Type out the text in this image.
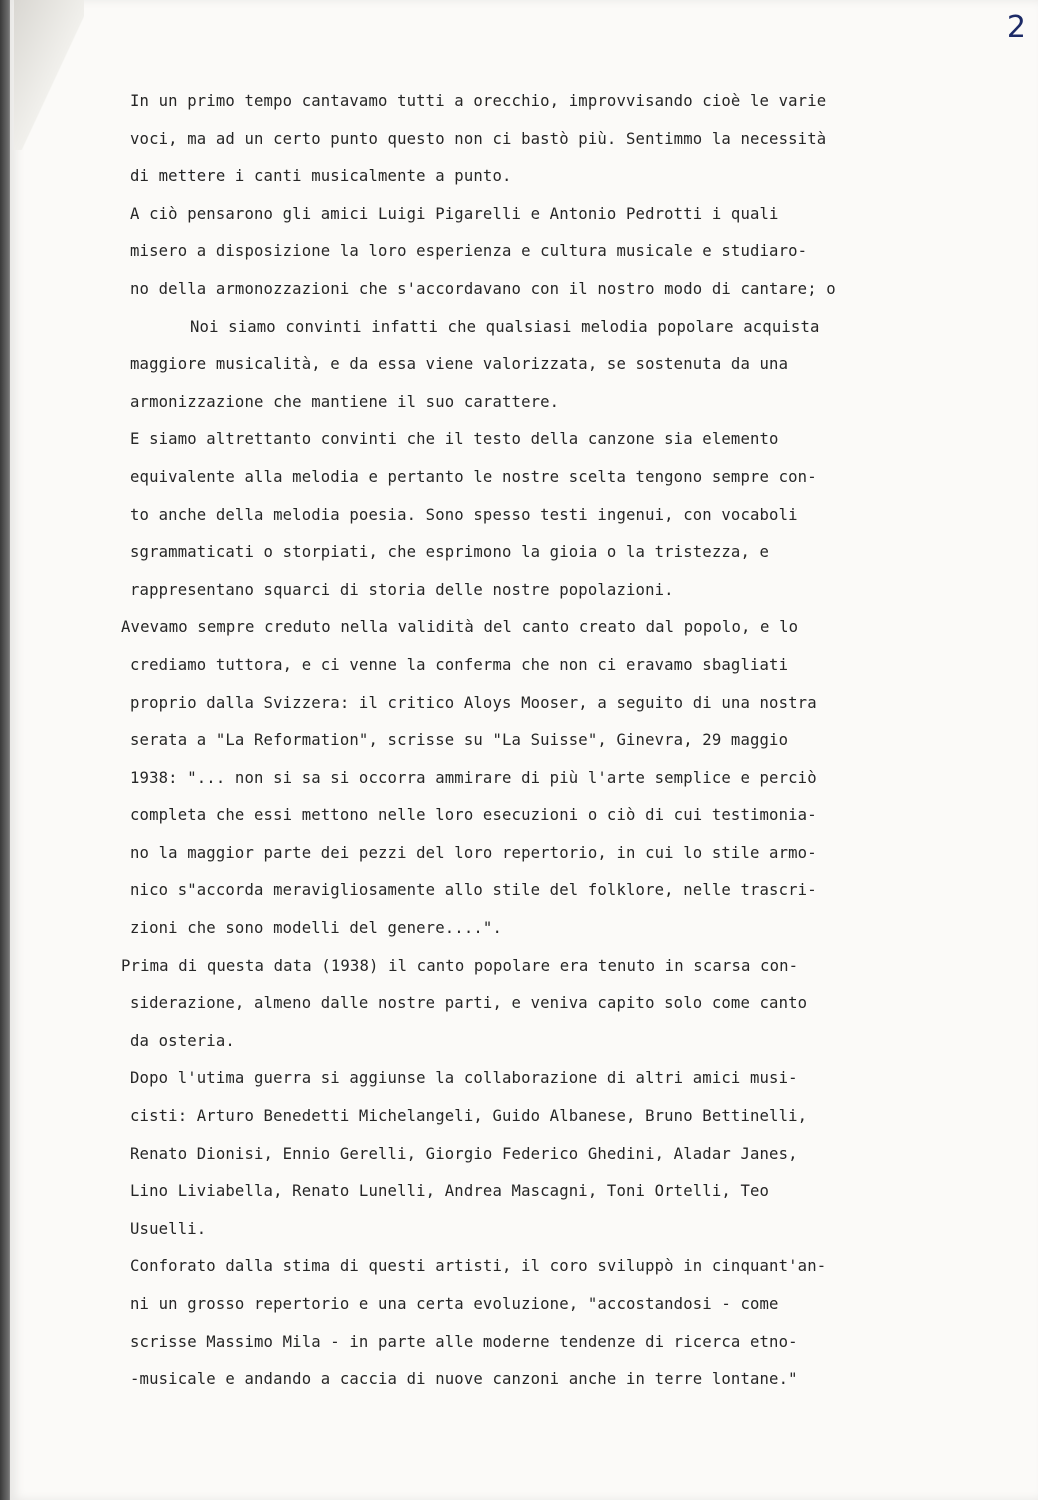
2
In un primo tempo cantavamo tutti a orecchio, improvvisando cioè le varie
voci, ma ad un certo punto questo non ci bastò più. Sentimmo la necessità
di mettere i canti musicalmente a punto.
A ciò pensarono gli amici Luigi Pigarelli e Antonio Pedrotti i quali
misero a disposizione la loro esperienza e cultura musicale e studiaro-
no della armonozzazioni che s'accordavano con il nostro modo di cantare; o
Noi siamo convinti infatti che qualsiasi melodia popolare acquista
maggiore musicalità, e da essa viene valorizzata, se sostenuta da una
armonizzazione che mantiene il suo carattere.
E siamo altrettanto convinti che il testo della canzone sia elemento
equivalente alla melodia e pertanto le nostre scelta tengono sempre con-
to anche della melodia poesia. Sono spesso testi ingenui, con vocaboli
sgrammaticati o storpiati, che esprimono la gioia o la tristezza, e
rappresentano squarci di storia delle nostre popolazioni.
Avevamo sempre creduto nella validità del canto creato dal popolo, e lo
crediamo tuttora, e ci venne la conferma che non ci eravamo sbagliati
proprio dalla Svizzera: il critico Aloys Mooser, a seguito di una nostra
serata a "La Reformation", scrisse su "La Suisse", Ginevra, 29 maggio
1938: "... non si sa si occorra ammirare di più l'arte semplice e perciò
completa che essi mettono nelle loro esecuzioni o ciò di cui testimonia-
no la maggior parte dei pezzi del loro repertorio, in cui lo stile armo-
nico s"accorda meravigliosamente allo stile del folklore, nelle trascri-
zioni che sono modelli del genere....".
Prima di questa data (1938) il canto popolare era tenuto in scarsa con-
siderazione, almeno dalle nostre parti, e veniva capito solo come canto
da osteria.
Dopo l'utima guerra si aggiunse la collaborazione di altri amici musi-
cisti: Arturo Benedetti Michelangeli, Guido Albanese, Bruno Bettinelli,
Renato Dionisi, Ennio Gerelli, Giorgio Federico Ghedini, Aladar Janes,
Lino Liviabella, Renato Lunelli, Andrea Mascagni, Toni Ortelli, Teo
Usuelli.
Conforato dalla stima di questi artisti, il coro sviluppò in cinquant'an-
ni un grosso repertorio e una certa evoluzione, "accostandosi - come
scrisse Massimo Mila - in parte alle moderne tendenze di ricerca etno-
-musicale e andando a caccia di nuove canzoni anche in terre lontane."
